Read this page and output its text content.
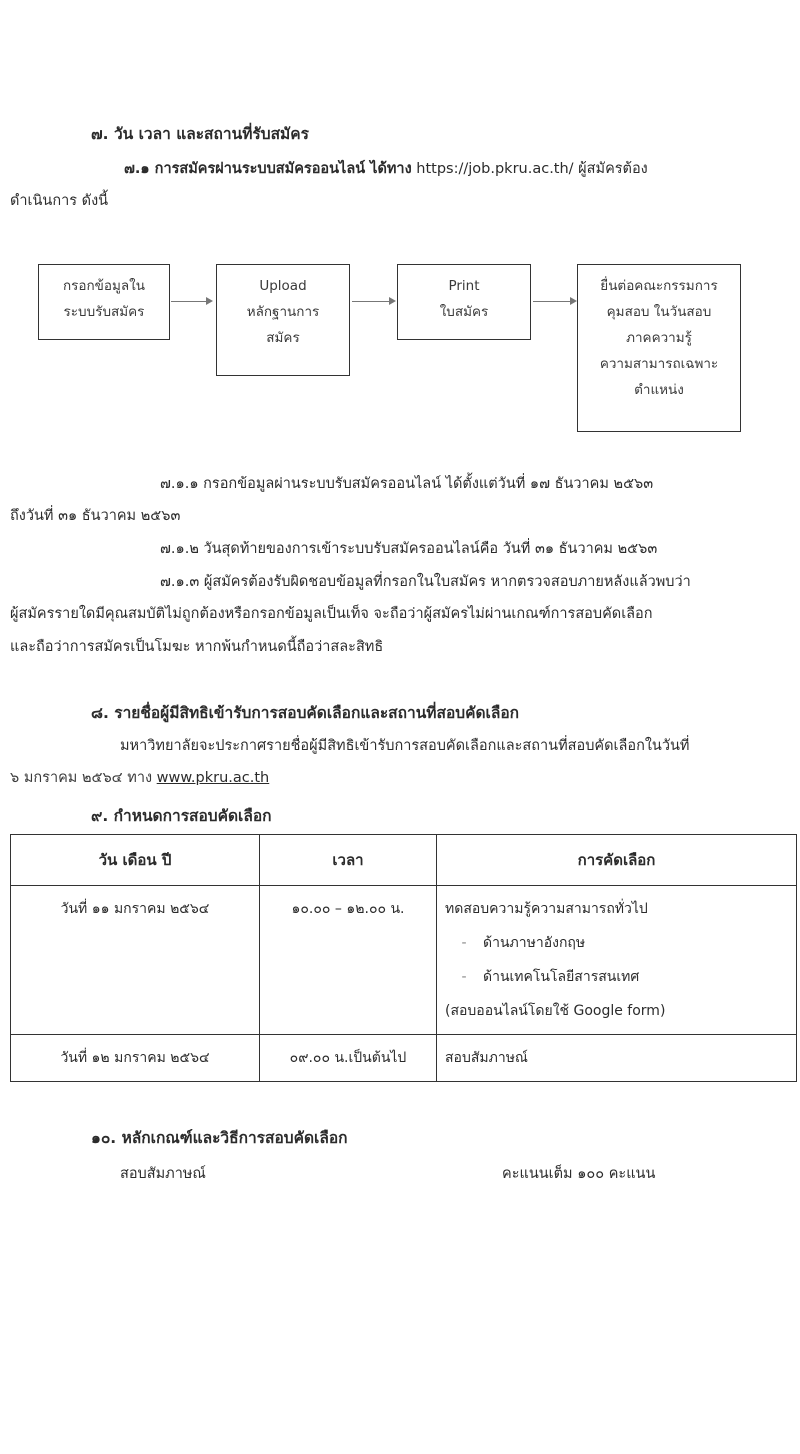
๗. วัน เวลา และสถานที่รับสมัคร
๗.๑ การสมัครผ่านระบบสมัครออนไลน์ ได้ทาง https://job.pkru.ac.th/ ผู้สมัครต้อง
ดำเนินการ ดังนี้
กรอกข้อมูลใน
ระบบรับสมัคร
Upload
หลักฐานการ
สมัคร
Print
ใบสมัคร
ยื่นต่อคณะกรรมการ
คุมสอบ ในวันสอบ
ภาคความรู้
ความสามารถเฉพาะ
ตำแหน่ง
๗.๑.๑ กรอกข้อมูลผ่านระบบรับสมัครออนไลน์ ได้ตั้งแต่วันที่ ๑๗ ธันวาคม ๒๕๖๓
ถึงวันที่ ๓๑ ธันวาคม ๒๕๖๓
๗.๑.๒ วันสุดท้ายของการเข้าระบบรับสมัครออนไลน์คือ วันที่ ๓๑ ธันวาคม ๒๕๖๓
๗.๑.๓ ผู้สมัครต้องรับผิดชอบข้อมูลที่กรอกในใบสมัคร หากตรวจสอบภายหลังแล้วพบว่า
ผู้สมัครรายใดมีคุณสมบัติไม่ถูกต้องหรือกรอกข้อมูลเป็นเท็จ จะถือว่าผู้สมัครไม่ผ่านเกณฑ์การสอบคัดเลือก
และถือว่าการสมัครเป็นโมฆะ หากพ้นกำหนดนี้ถือว่าสละสิทธิ
๘. รายชื่อผู้มีสิทธิเข้ารับการสอบคัดเลือกและสถานที่สอบคัดเลือก
มหาวิทยาลัยจะประกาศรายชื่อผู้มีสิทธิเข้ารับการสอบคัดเลือกและสถานที่สอบคัดเลือกในวันที่
๖ มกราคม ๒๕๖๔ ทาง www.pkru.ac.th
๙. กำหนดการสอบคัดเลือก
วัน เดือน ปี	เวลา	การคัดเลือก
วันที่ ๑๑ มกราคม ๒๕๖๔	๑๐.๐๐ – ๑๒.๐๐ น.	ทดสอบความรู้ความสามารถทั่วไป
- ด้านภาษาอังกฤษ
- ด้านเทคโนโลยีสารสนเทศ
(สอบออนไลน์โดยใช้ Google form)

วันที่ ๑๒ มกราคม ๒๕๖๔	๐๙.๐๐ น.เป็นต้นไป	สอบสัมภาษณ์
๑๐. หลักเกณฑ์และวิธีการสอบคัดเลือก
สอบสัมภาษณ์	คะแนนเต็ม ๑๐๐ คะแนน
